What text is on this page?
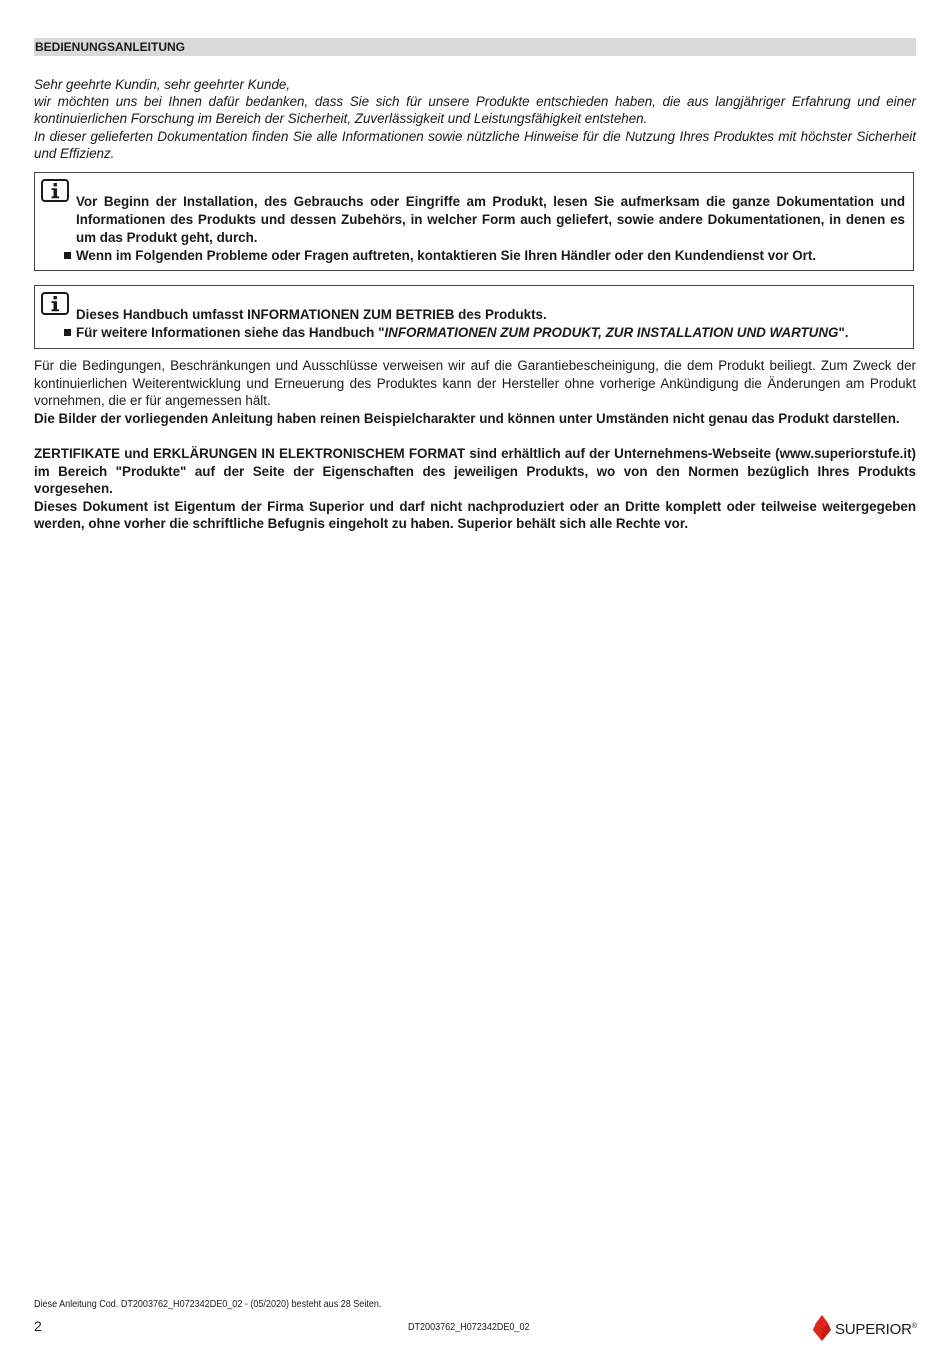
BEDIENUNGSANLEITUNG

Sehr geehrte Kundin, sehr geehrter Kunde,

wir möchten uns bei Ihnen dafür bedanken, dass Sie sich für unsere Produkte entschieden haben, die aus langjähriger Erfahrung und einer kontinuierlichen Forschung im Bereich der Sicherheit, Zuverlässigkeit und Leistungsfähigkeit entstehen.

In dieser gelieferten Dokumentation finden Sie alle Informationen sowie nützliche Hinweise für die Nutzung Ihres Produktes mit höchster Sicherheit und Effizienz.

Vor Beginn der Installation, des Gebrauchs oder Eingriffe am Produkt, lesen Sie aufmerksam die ganze Dokumentation und Informationen des Produkts und dessen Zubehörs, in welcher Form auch geliefert, sowie andere Dokumentationen, in denen es um das Produkt geht, durch.

Wenn im Folgenden Probleme oder Fragen auftreten, kontaktieren Sie Ihren Händler oder den Kundendienst vor Ort.

Dieses Handbuch umfasst INFORMATIONEN ZUM BETRIEB des Produkts.

Für weitere Informationen siehe das Handbuch "INFORMATIONEN ZUM PRODUKT, ZUR INSTALLATION UND WARTUNG".

Für die Bedingungen, Beschränkungen und Ausschlüsse verweisen wir auf die Garantiebescheinigung, die dem Produkt beiliegt. Zum Zweck der kontinuierlichen Weiterentwicklung und Erneuerung des Produktes kann der Hersteller ohne vorherige Ankündigung die Änderungen am Produkt vornehmen, die er für angemessen hält.

Die Bilder der vorliegenden Anleitung haben reinen Beispielcharakter und können unter Umständen nicht genau das Produkt darstellen.

ZERTIFIKATE und ERKLÄRUNGEN IN ELEKTRONISCHEM FORMAT sind erhältlich auf der Unternehmens-Webseite (www.superiorstufe.it) im Bereich "Produkte" auf der Seite der Eigenschaften des jeweiligen Produkts, wo von den Normen bezüglich Ihres Produkts vorgesehen.

Dieses Dokument ist Eigentum der Firma Superior und darf nicht nachproduziert oder an Dritte komplett oder teilweise weitergegeben werden, ohne vorher die schriftliche Befugnis eingeholt zu haben. Superior behält sich alle Rechte vor.

Diese Anleitung Cod. DT2003762_H072342DE0_02 - (05/2020) besteht aus 28 Seiten.
2	DT2003762_H072342DE0_02	SUPERIOR®
